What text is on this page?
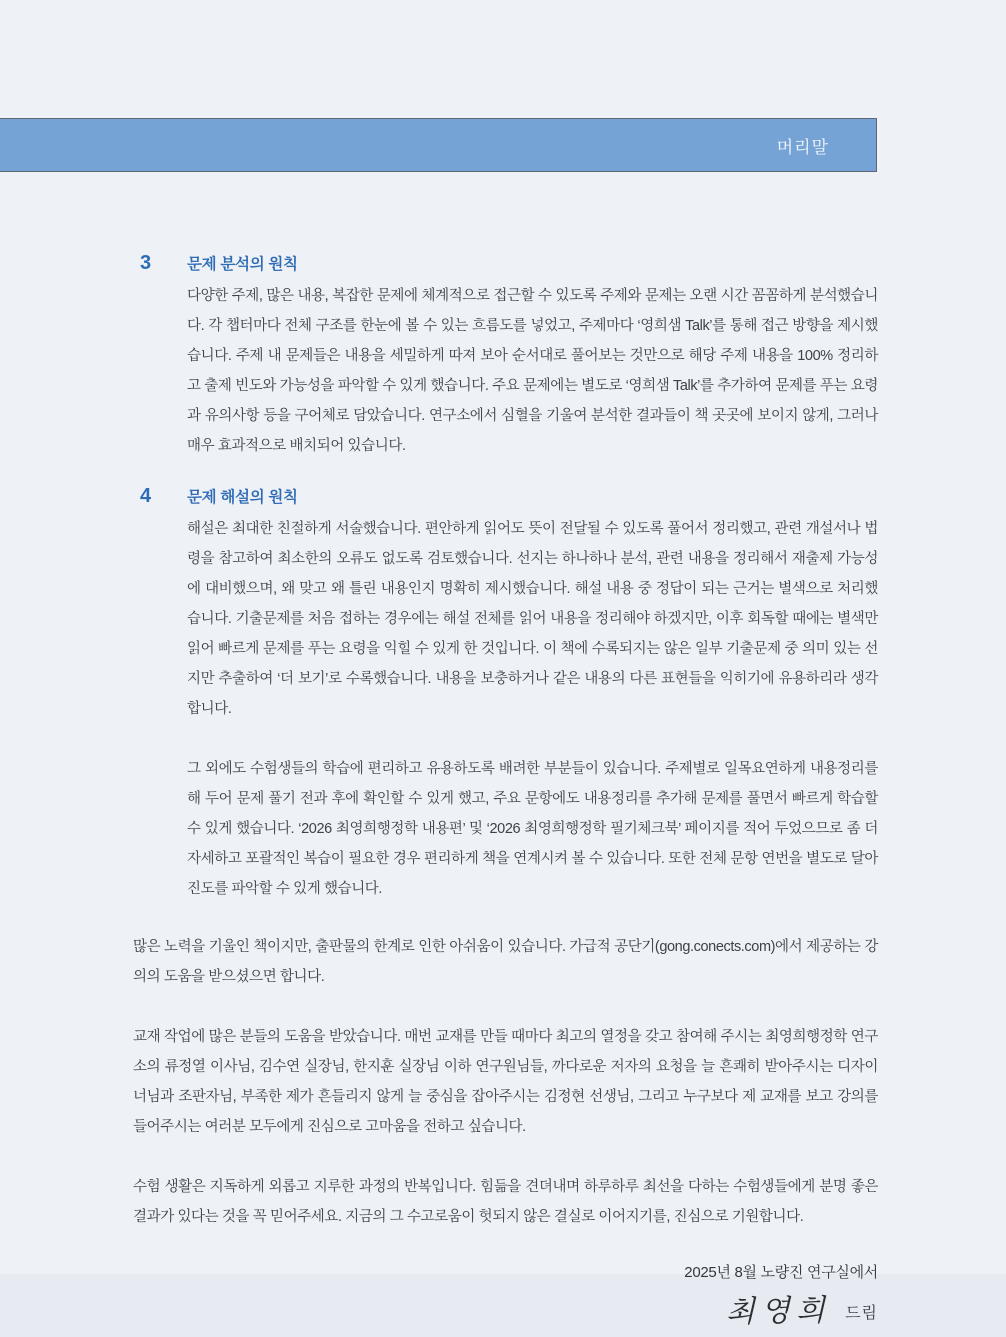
머리말
3	문제 분석의 원칙

다양한 주제, 많은 내용, 복잡한 문제에 체계적으로 접근할 수 있도록 주제와 문제는 오랜 시간 꼼꼼하게 분석했습니다. 각 챕터마다 전체 구조를 한눈에 볼 수 있는 흐름도를 넣었고, 주제마다 ‘영희샘 Talk’를 통해 접근 방향을 제시했습니다. 주제 내 문제들은 내용을 세밀하게 따져 보아 순서대로 풀어보는 것만으로 해당 주제 내용을 100% 정리하고 출제 빈도와 가능성을 파악할 수 있게 했습니다. 주요 문제에는 별도로 ‘영희샘 Talk’를 추가하여 문제를 푸는 요령과 유의사항 등을 구어체로 담았습니다. 연구소에서 심혈을 기울여 분석한 결과들이 책 곳곳에 보이지 않게, 그러나 매우 효과적으로 배치되어 있습니다.

4	문제 해설의 원칙

해설은 최대한 친절하게 서술했습니다. 편안하게 읽어도 뜻이 전달될 수 있도록 풀어서 정리했고, 관련 개설서나 법령을 참고하여 최소한의 오류도 없도록 검토했습니다. 선지는 하나하나 분석, 관련 내용을 정리해서 재출제 가능성에 대비했으며, 왜 맞고 왜 틀린 내용인지 명확히 제시했습니다. 해설 내용 중 정답이 되는 근거는 별색으로 처리했습니다. 기출문제를 처음 접하는 경우에는 해설 전체를 읽어 내용을 정리해야 하겠지만, 이후 회독할 때에는 별색만 읽어 빠르게 문제를 푸는 요령을 익힐 수 있게 한 것입니다. 이 책에 수록되지는 않은 일부 기출문제 중 의미 있는 선지만 추출하여 ‘더 보기’로 수록했습니다. 내용을 보충하거나 같은 내용의 다른 표현들을 익히기에 유용하리라 생각합니다.

그 외에도 수험생들의 학습에 편리하고 유용하도록 배려한 부분들이 있습니다. 주제별로 일목요연하게 내용정리를 해 두어 문제 풀기 전과 후에 확인할 수 있게 했고, 주요 문항에도 내용정리를 추가해 문제를 풀면서 빠르게 학습할 수 있게 했습니다. ‘2026 최영희행정학 내용편’ 및 ‘2026 최영희행정학 필기체크북’ 페이지를 적어 두었으므로 좀 더 자세하고 포괄적인 복습이 필요한 경우 편리하게 책을 연계시켜 볼 수 있습니다. 또한 전체 문항 연번을 별도로 달아 진도를 파악할 수 있게 했습니다.

많은 노력을 기울인 책이지만, 출판물의 한계로 인한 아쉬움이 있습니다. 가급적 공단기(gong.conects.com)에서 제공하는 강의의 도움을 받으셨으면 합니다.

교재 작업에 많은 분들의 도움을 받았습니다. 매번 교재를 만들 때마다 최고의 열정을 갖고 참여해 주시는 최영희행정학 연구소의 류정열 이사님, 김수연 실장님, 한지훈 실장님 이하 연구원님들, 까다로운 저자의 요청을 늘 흔쾌히 받아주시는 디자이너님과 조판자님, 부족한 제가 흔들리지 않게 늘 중심을 잡아주시는 김정현 선생님, 그리고 누구보다 제 교재를 보고 강의를 들어주시는 여러분 모두에게 진심으로 고마움을 전하고 싶습니다.

수험 생활은 지독하게 외롭고 지루한 과정의 반복입니다. 힘듦을 견뎌내며 하루하루 최선을 다하는 수험생들에게 분명 좋은 결과가 있다는 것을 꼭 믿어주세요. 지금의 그 수고로움이 헛되지 않은 결실로 이어지기를, 진심으로 기원합니다.

2025년 8월 노량진 연구실에서
최영희 드림
